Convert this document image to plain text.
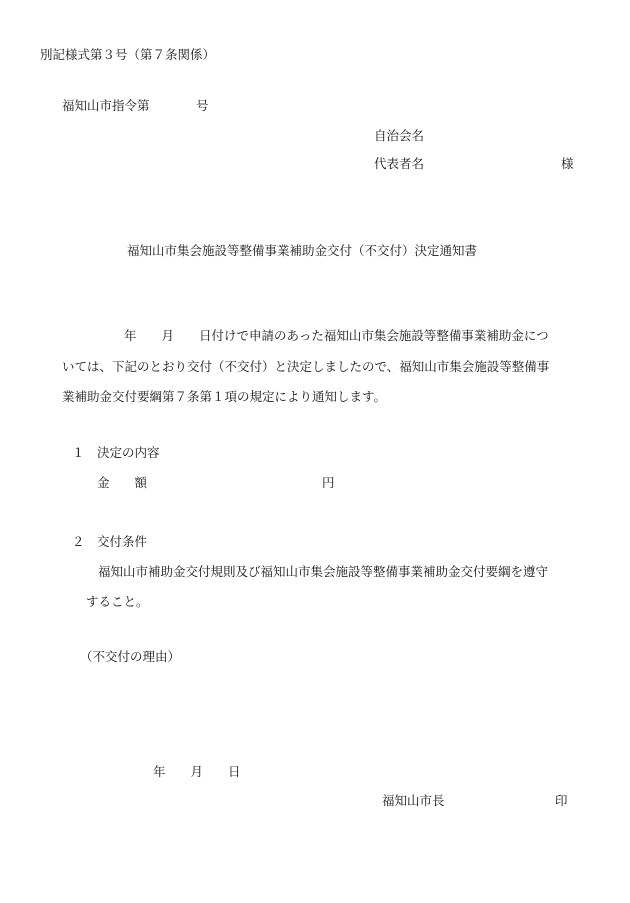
別記様式第３号（第７条関係）
福知山市指令第	号
自治会名
代表者名	様
福知山市集会施設等整備事業補助金交付（不交付）決定通知書
年　　月　　日付けで申請のあった福知山市集会施設等整備事業補助金につ
いては、下記のとおり交付（不交付）と決定しましたので、福知山市集会施設等整備事
業補助金交付要綱第７条第１項の規定により通知します。
１　決定の内容
金　　額	円
２　交付条件
福知山市補助金交付規則及び福知山市集会施設等整備事業補助金交付要綱を遵守
すること。
（不交付の理由）
年　　月　　日
福知山市長	印
